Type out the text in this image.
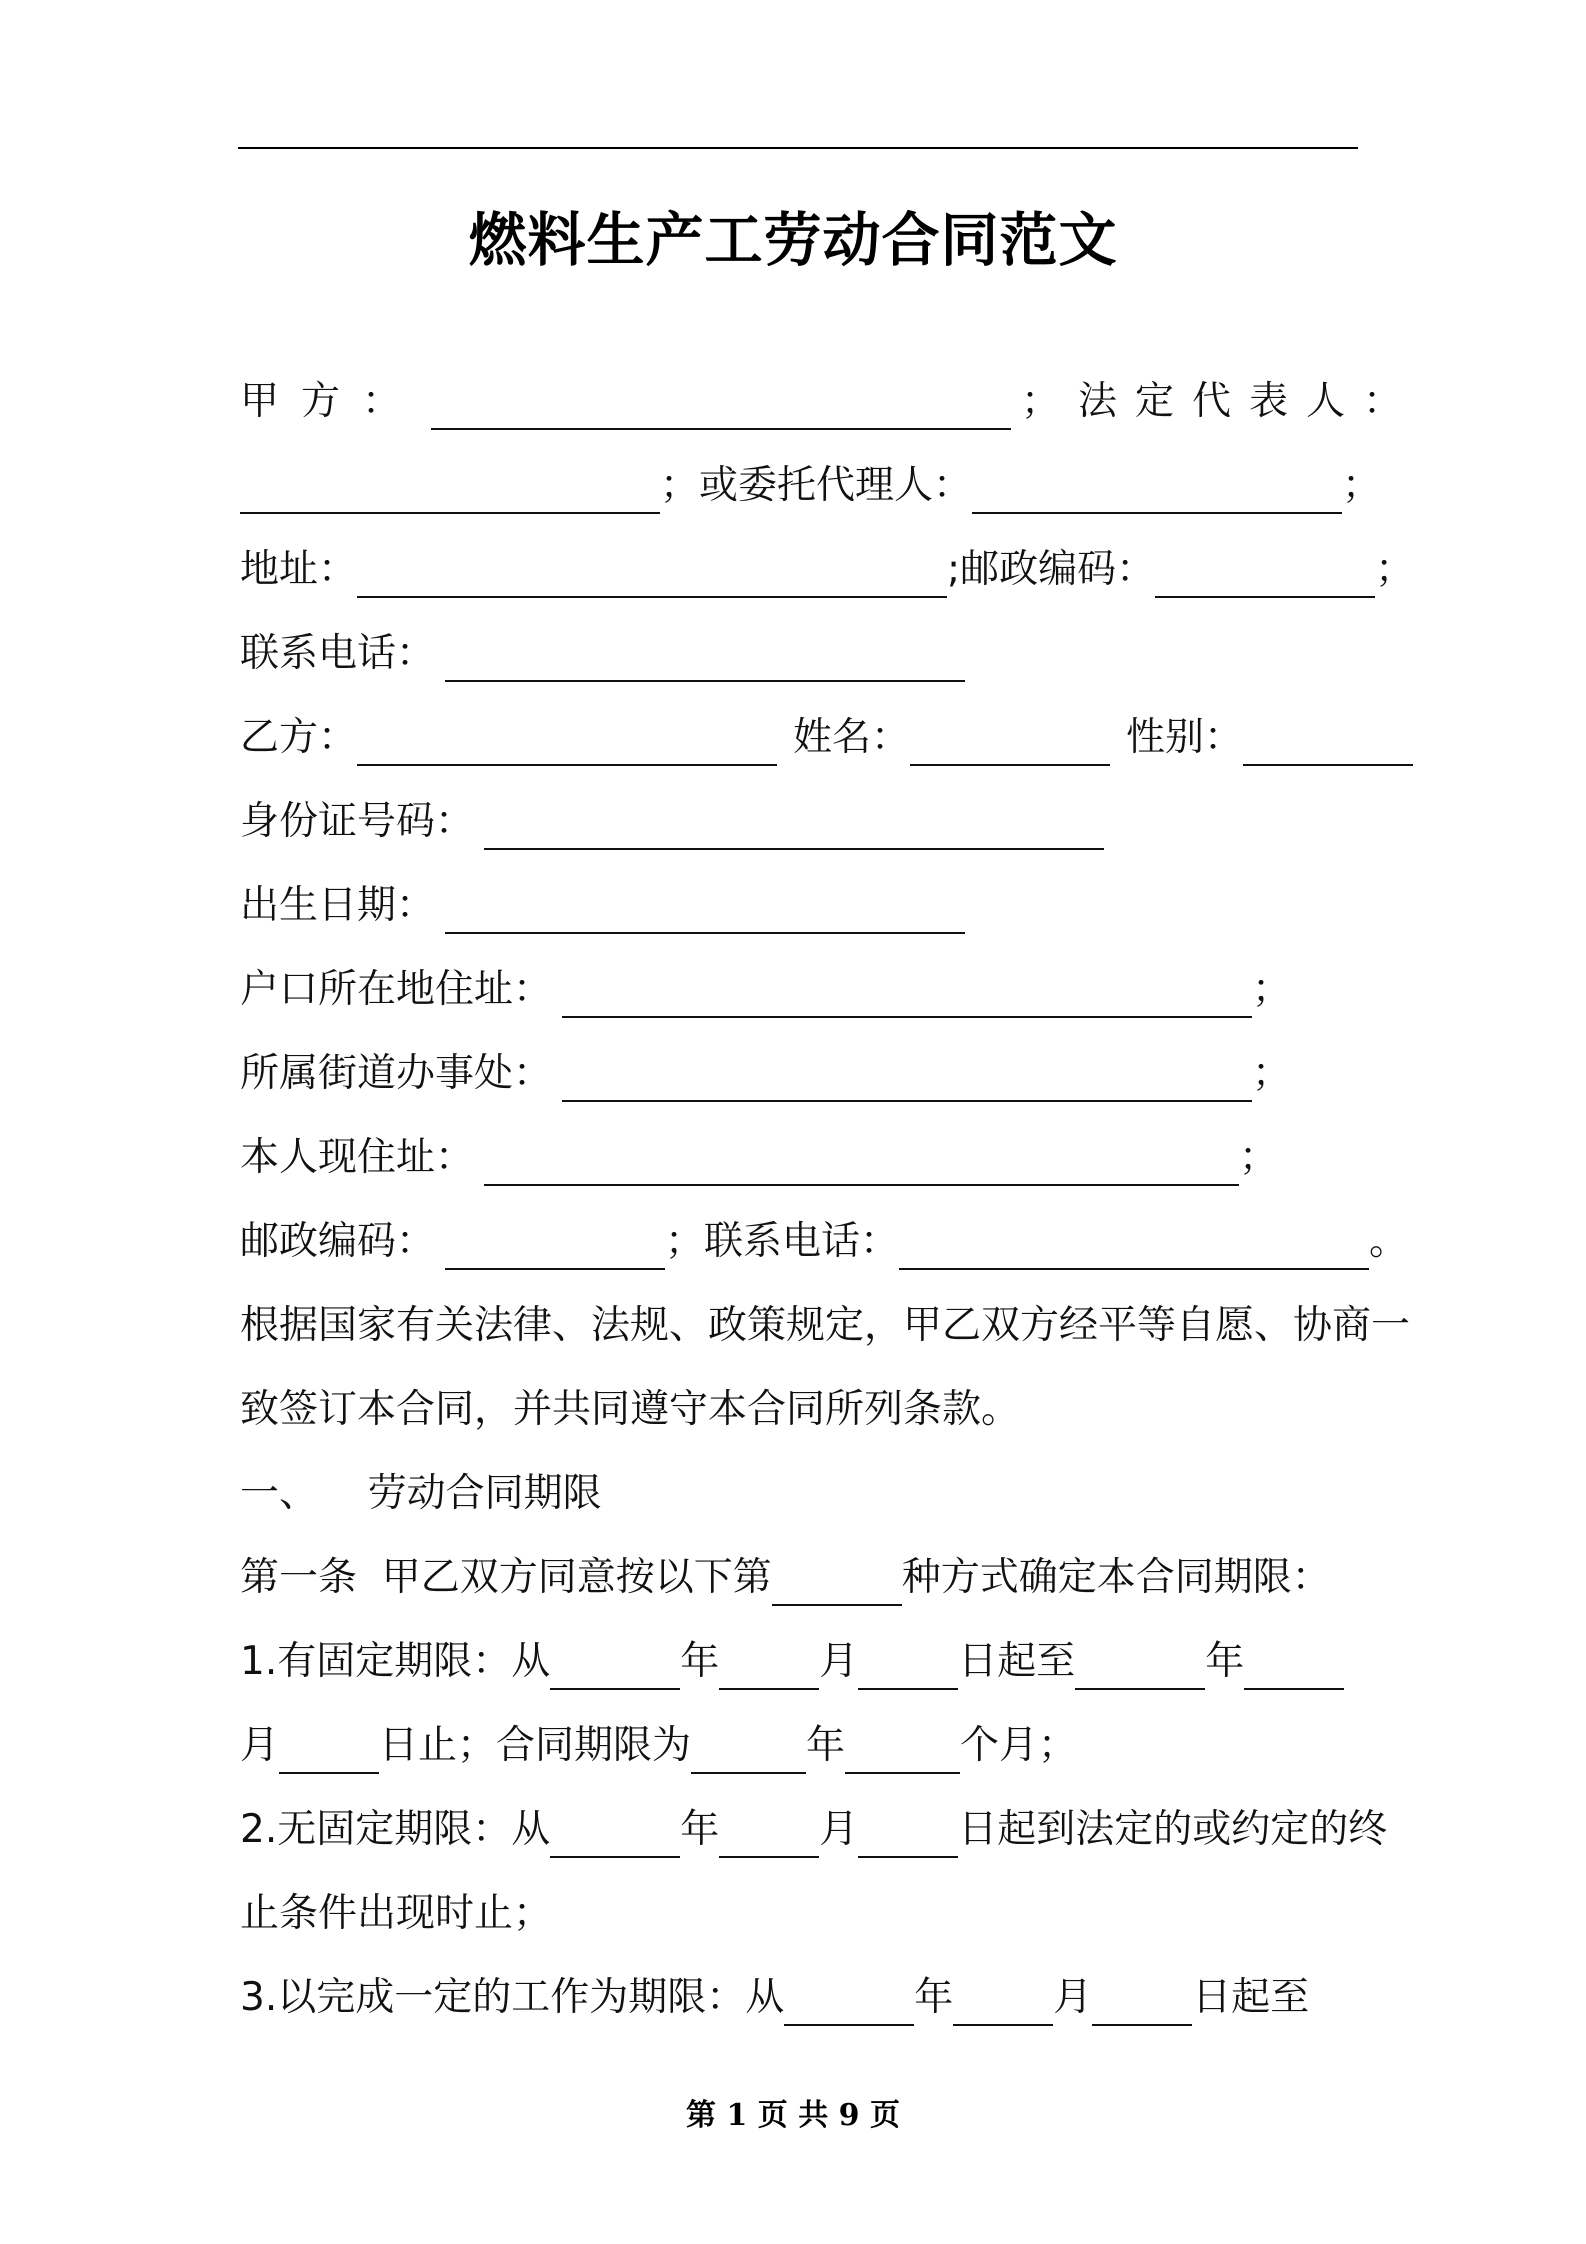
燃料生产工劳动合同范文
甲方：	；法定代表人：
；或委托代理人：	；
地址：	;邮政编码：	；
联系电话：
乙方：	姓名：	性别：
身份证号码：
出生日期：
户口所在地住址：	；
所属街道办事处：	；
本人现住址：	；
邮政编码：	；联系电话：	。
根据国家有关法律、法规、政策规定，甲乙双方经平等自愿、协商一
致签订本合同，并共同遵守本合同所列条款。
一、    劳动合同期限
第一条  甲乙双方同意按以下第	种方式确定本合同期限：
1.有固定期限：从	年	月	日起至	年
月	日止；合同期限为	年	个月；
2.无固定期限：从	年	月	日起到法定的或约定的终
止条件出现时止；
3.以完成一定的工作为期限：从	年	月	日起至
第 1 页 共 9 页
